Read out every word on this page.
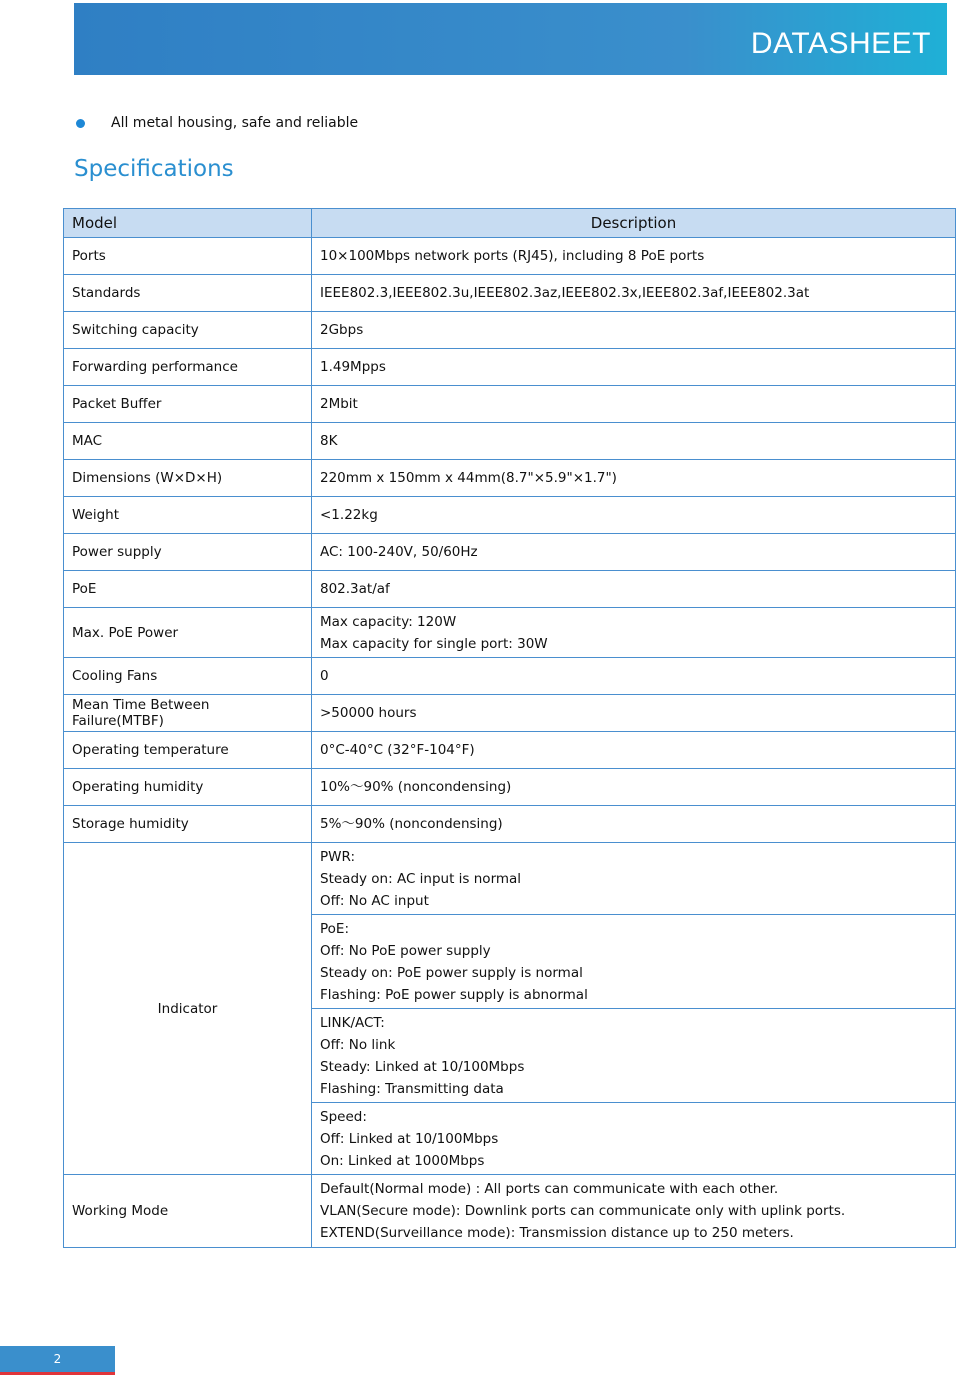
DATASHEET
All metal housing, safe and reliable
Specifications
Model	Description
Ports	10×100Mbps network ports (RJ45), including 8 PoE ports

Standards	IEEE802.3,IEEE802.3u,IEEE802.3az,IEEE802.3x,IEEE802.3af,IEEE802.3at

Switching capacity	2Gbps

Forwarding performance	1.49Mpps

Packet Buffer	2Mbit

MAC	8K

Dimensions (W×D×H)	220mm x 150mm x 44mm(8.7"×5.9"×1.7")

Weight	<1.22kg

Power supply	AC: 100-240V, 50/60Hz

PoE	802.3at/af

Max. PoE Power	Max capacity: 120W
Max capacity for single port: 30W

Cooling Fans	0

Mean Time Between Failure(MTBF)	>50000 hours

Operating temperature	0°C-40°C (32°F-104°F)

Operating humidity	10%～90% (noncondensing)

Storage humidity	5%～90% (noncondensing)

Indicator	PWR:
Steady on: AC input is normal
Off: No AC input

	PoE:
Off: No PoE power supply
Steady on: PoE power supply is normal
Flashing: PoE power supply is abnormal

	LINK/ACT:
Off: No link
Steady: Linked at 10/100Mbps
Flashing: Transmitting data

	Speed:
Off: Linked at 10/100Mbps
On: Linked at 1000Mbps

Working Mode	Default(Normal mode) : All ports can communicate with each other.
VLAN(Secure mode): Downlink ports can communicate only with uplink ports.
EXTEND(Surveillance mode): Transmission distance up to 250 meters.
2
